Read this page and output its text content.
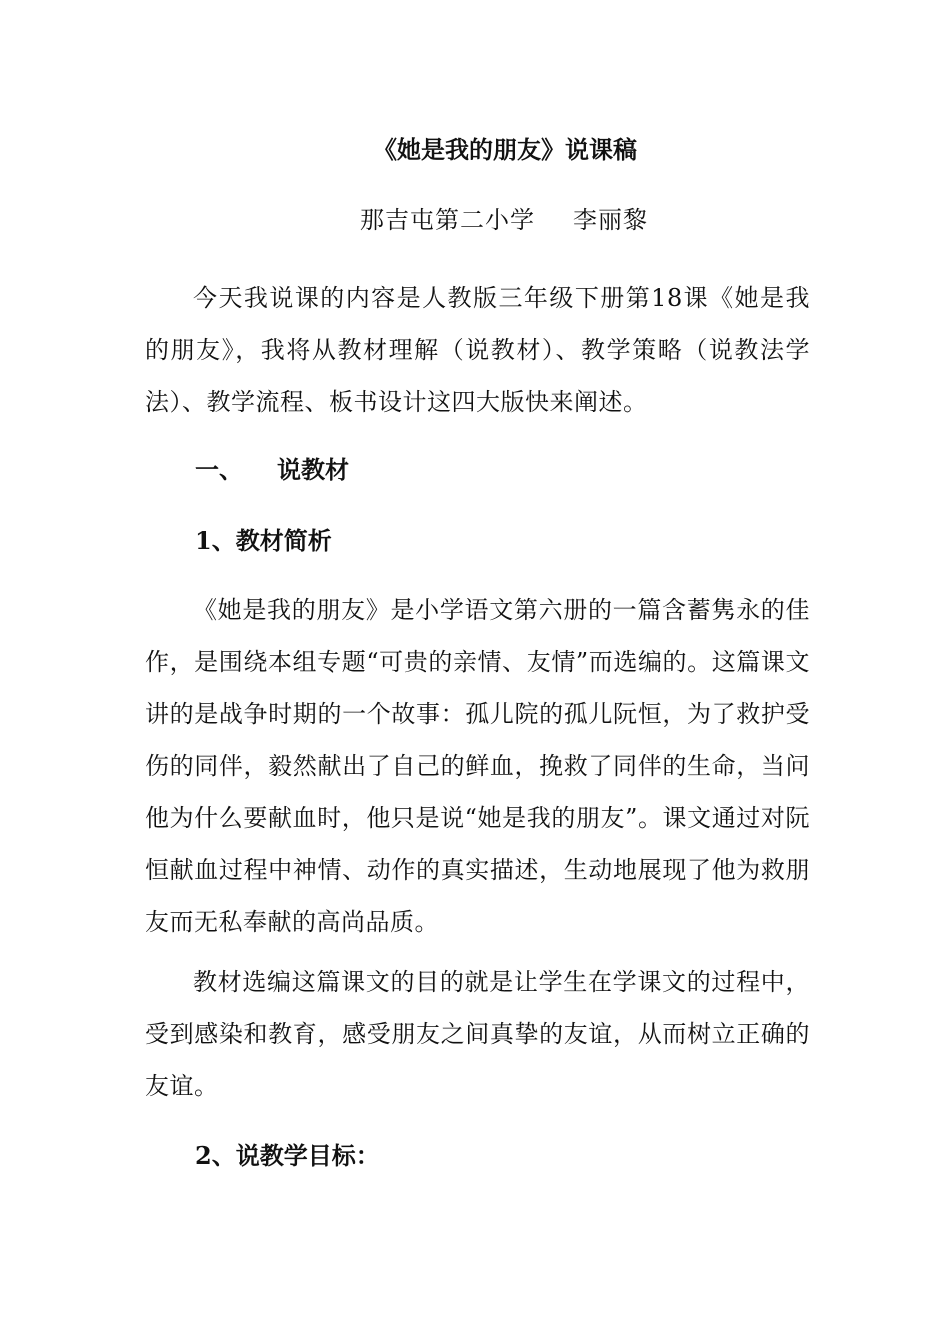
《她是我的朋友》说课稿
那吉屯第二小学 李丽黎
今天我说课的内容是人教版三年级下册第18课《她是我的朋友》，我将从教材理解（说教材）、教学策略（说教法学法）、教学流程、板书设计这四大版快来阐述。
一、 说教材
1、教材简析
《她是我的朋友》是小学语文第六册的一篇含蓄隽永的佳作，是围绕本组专题“可贵的亲情、友情”而选编的。这篇课文讲的是战争时期的一个故事：孤儿院的孤儿阮恒，为了救护受伤的同伴，毅然献出了自己的鲜血，挽救了同伴的生命，当问他为什么要献血时，他只是说“她是我的朋友”。课文通过对阮恒献血过程中神情、动作的真实描述，生动地展现了他为救朋友而无私奉献的高尚品质。
教材选编这篇课文的目的就是让学生在学课文的过程中，受到感染和教育，感受朋友之间真挚的友谊，从而树立正确的友谊。
2、说教学目标：
